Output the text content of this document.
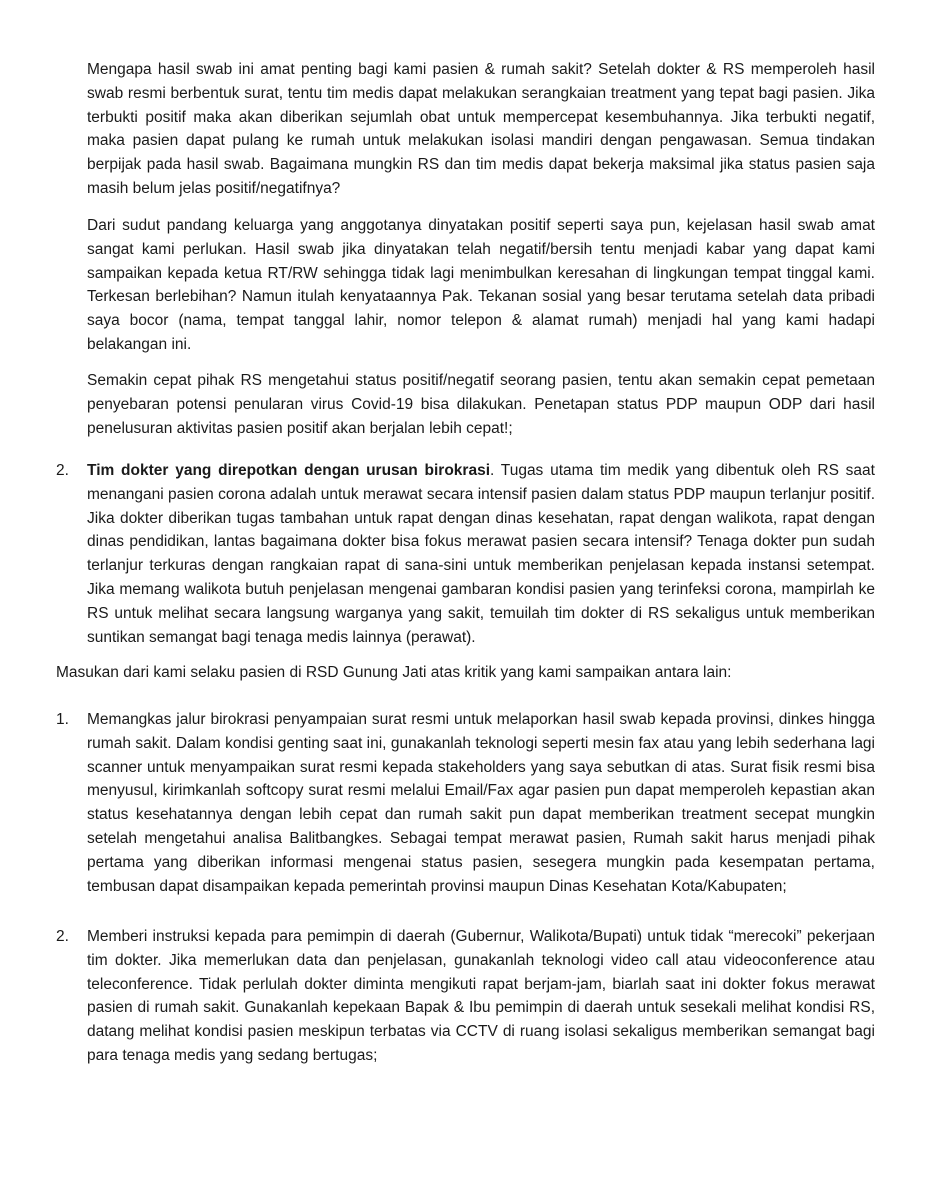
Mengapa hasil swab ini amat penting bagi kami pasien & rumah sakit? Setelah dokter & RS memperoleh hasil swab resmi berbentuk surat, tentu tim medis dapat melakukan serangkaian treatment yang tepat bagi pasien. Jika terbukti positif maka akan diberikan sejumlah obat untuk mempercepat kesembuhannya. Jika terbukti negatif, maka pasien dapat pulang ke rumah untuk melakukan isolasi mandiri dengan pengawasan. Semua tindakan berpijak pada hasil swab. Bagaimana mungkin RS dan tim medis dapat bekerja maksimal jika status pasien saja masih belum jelas positif/negatifnya?

Dari sudut pandang keluarga yang anggotanya dinyatakan positif seperti saya pun, kejelasan hasil swab amat sangat kami perlukan. Hasil swab jika dinyatakan telah negatif/bersih tentu menjadi kabar yang dapat kami sampaikan kepada ketua RT/RW sehingga tidak lagi menimbulkan keresahan di lingkungan tempat tinggal kami. Terkesan berlebihan? Namun itulah kenyataannya Pak. Tekanan sosial yang besar terutama setelah data pribadi saya bocor (nama, tempat tanggal lahir, nomor telepon & alamat rumah) menjadi hal yang kami hadapi belakangan ini.

Semakin cepat pihak RS mengetahui status positif/negatif seorang pasien, tentu akan semakin cepat pemetaan penyebaran potensi penularan virus Covid-19 bisa dilakukan. Penetapan status PDP maupun ODP dari hasil penelusuran aktivitas pasien positif akan berjalan lebih cepat!;

2. Tim dokter yang direpotkan dengan urusan birokrasi. Tugas utama tim medik yang dibentuk oleh RS saat menangani pasien corona adalah untuk merawat secara intensif pasien dalam status PDP maupun terlanjur positif. Jika dokter diberikan tugas tambahan untuk rapat dengan dinas kesehatan, rapat dengan walikota, rapat dengan dinas pendidikan, lantas bagaimana dokter bisa fokus merawat pasien secara intensif? Tenaga dokter pun sudah terlanjur terkuras dengan rangkaian rapat di sana-sini untuk memberikan penjelasan kepada instansi setempat. Jika memang walikota butuh penjelasan mengenai gambaran kondisi pasien yang terinfeksi corona, mampirlah ke RS untuk melihat secara langsung warganya yang sakit, temuilah tim dokter di RS sekaligus untuk memberikan suntikan semangat bagi tenaga medis lainnya (perawat).

Masukan dari kami selaku pasien di RSD Gunung Jati atas kritik yang kami sampaikan antara lain:

1. Memangkas jalur birokrasi penyampaian surat resmi untuk melaporkan hasil swab kepada provinsi, dinkes hingga rumah sakit. Dalam kondisi genting saat ini, gunakanlah teknologi seperti mesin fax atau yang lebih sederhana lagi scanner untuk menyampaikan surat resmi kepada stakeholders yang saya sebutkan di atas. Surat fisik resmi bisa menyusul, kirimkanlah softcopy surat resmi melalui Email/Fax agar pasien pun dapat memperoleh kepastian akan status kesehatannya dengan lebih cepat dan rumah sakit pun dapat memberikan treatment secepat mungkin setelah mengetahui analisa Balitbangkes. Sebagai tempat merawat pasien, Rumah sakit harus menjadi pihak pertama yang diberikan informasi mengenai status pasien, sesegera mungkin pada kesempatan pertama, tembusan dapat disampaikan kepada pemerintah provinsi maupun Dinas Kesehatan Kota/Kabupaten;

2. Memberi instruksi kepada para pemimpin di daerah (Gubernur, Walikota/Bupati) untuk tidak “merecoki” pekerjaan tim dokter. Jika memerlukan data dan penjelasan, gunakanlah teknologi video call atau videoconference atau teleconference. Tidak perlulah dokter diminta mengikuti rapat berjam-jam, biarlah saat ini dokter fokus merawat pasien di rumah sakit. Gunakanlah kepekaan Bapak & Ibu pemimpin di daerah untuk sesekali melihat kondisi RS, datang melihat kondisi pasien meskipun terbatas via CCTV di ruang isolasi sekaligus memberikan semangat bagi para tenaga medis yang sedang bertugas;
